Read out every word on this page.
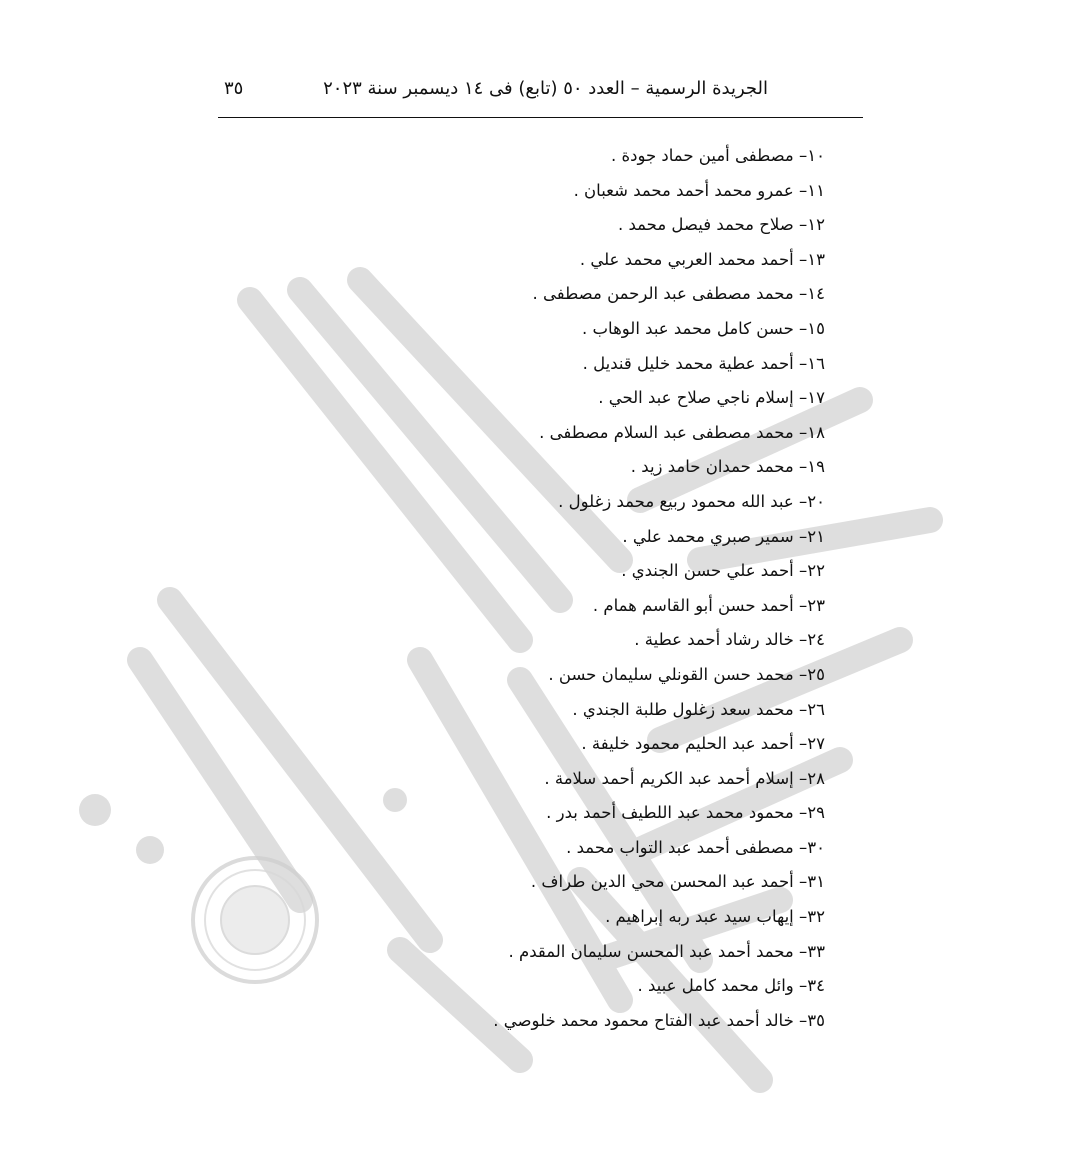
الجريدة الرسمية – العدد ٥٠ (تابع) فى ١٤ ديسمبر سنة ٢٠٢٣
٣٥
١٠– مصطفى أمين حماد جودة .
١١– عمرو محمد أحمد محمد شعبان .
١٢– صلاح محمد فيصل محمد .
١٣– أحمد محمد العربي محمد علي .
١٤– محمد مصطفى عبد الرحمن مصطفى .
١٥– حسن كامل محمد عبد الوهاب .
١٦– أحمد عطية محمد خليل قنديل .
١٧– إسلام ناجي صلاح عبد الحي .
١٨– محمد مصطفى عبد السلام مصطفى .
١٩– محمد حمدان حامد زيد .
٢٠– عبد الله محمود ربيع محمد زغلول .
٢١– سمير صبري محمد علي .
٢٢– أحمد علي حسن الجندي .
٢٣– أحمد حسن أبو القاسم همام .
٢٤– خالد رشاد أحمد عطية .
٢٥– محمد حسن القونلي سليمان حسن .
٢٦– محمد سعد زغلول طلبة الجندي .
٢٧– أحمد عبد الحليم محمود خليفة .
٢٨– إسلام أحمد عبد الكريم أحمد سلامة .
٢٩– محمود محمد عبد اللطيف أحمد بدر .
٣٠– مصطفى أحمد عبد التواب محمد .
٣١– أحمد عبد المحسن محي الدين طراف .
٣٢– إيهاب سيد عبد ربه إبراهيم .
٣٣– محمد أحمد عبد المحسن سليمان المقدم .
٣٤– وائل محمد كامل عبيد .
٣٥– خالد أحمد عبد الفتاح محمود محمد خلوصي .
